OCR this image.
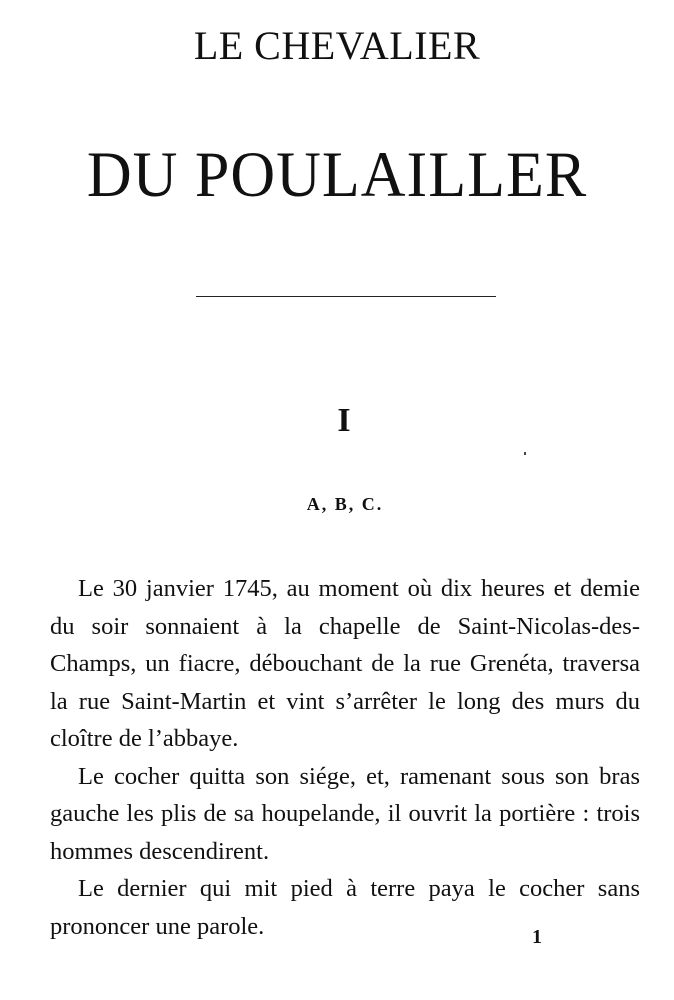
LE CHEVALIER
DU POULAILLER
I
A, B, C.

Le 30 janvier 1745, au moment où dix heures et demie du soir sonnaient à la chapelle de Saint-Nicolas-des-Champs, un fiacre, débouchant de la rue Grenéta, traversa la rue Saint-Martin et vint s’arrêter le long des murs du cloître de l’abbaye.

Le cocher quitta son siége, et, ramenant sous son bras gauche les plis de sa houpelande, il ouvrit la portière : trois hommes descendirent.

Le dernier qui mit pied à terre paya le cocher sans prononcer une parole.	1
